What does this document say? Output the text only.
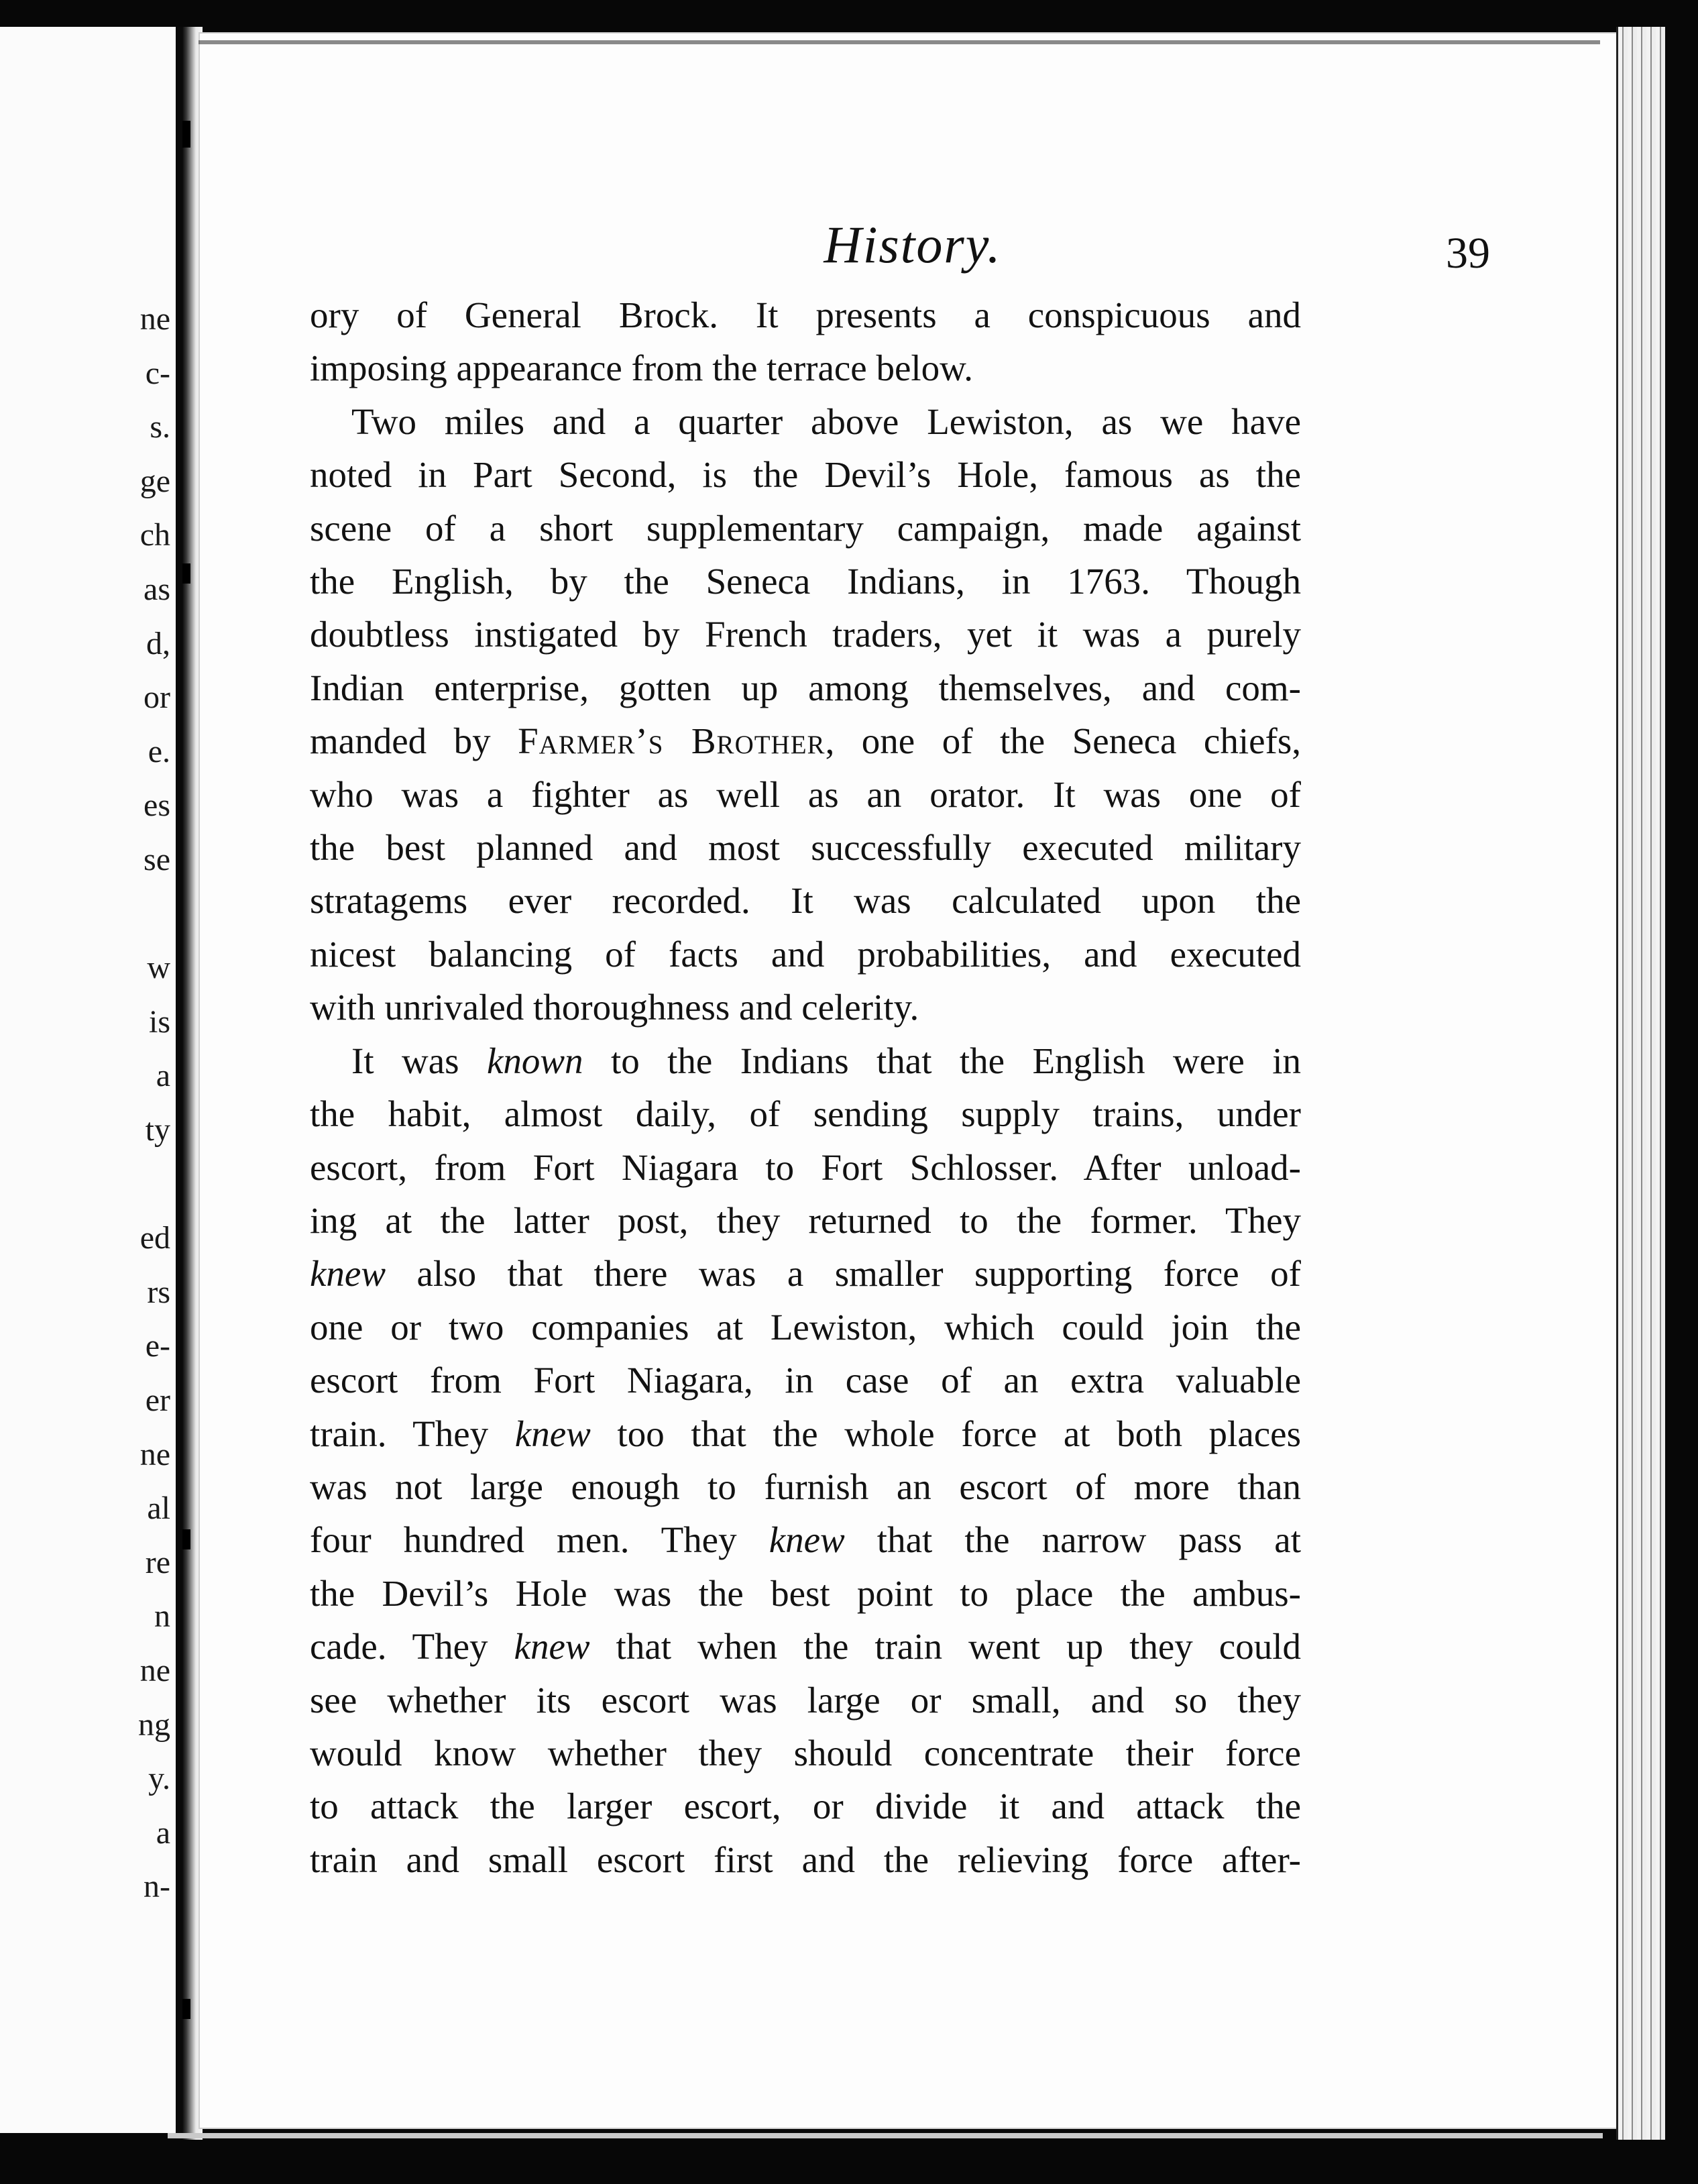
ne
c-
s.
ge
ch
as
d,
or
e.
es
se
w
is
a
ty
ed
rs
e-
er
ne
al
re
n
ne
ng
y.
a
n-
History.	39
ory of General Brock. It presents a conspicuous and
imposing appearance from the terrace below.
Two miles and a quarter above Lewiston, as we have
noted in Part Second, is the Devil’s Hole, famous as the
scene of a short supplementary campaign, made against
the English, by the Seneca Indians, in 1763. Though
doubtless instigated by French traders, yet it was a purely
Indian enterprise, gotten up among themselves, and com-
manded by Farmer’s Brother, one of the Seneca chiefs,
who was a fighter as well as an orator. It was one of
the best planned and most successfully executed military
stratagems ever recorded. It was calculated upon the
nicest balancing of facts and probabilities, and executed
with unrivaled thoroughness and celerity.
It was known to the Indians that the English were in
the habit, almost daily, of sending supply trains, under
escort, from Fort Niagara to Fort Schlosser. After unload-
ing at the latter post, they returned to the former. They
knew also that there was a smaller supporting force of
one or two companies at Lewiston, which could join the
escort from Fort Niagara, in case of an extra valuable
train. They knew too that the whole force at both places
was not large enough to furnish an escort of more than
four hundred men. They knew that the narrow pass at
the Devil’s Hole was the best point to place the ambus-
cade. They knew that when the train went up they could
see whether its escort was large or small, and so they
would know whether they should concentrate their force
to attack the larger escort, or divide it and attack the
train and small escort first and the relieving force after-
